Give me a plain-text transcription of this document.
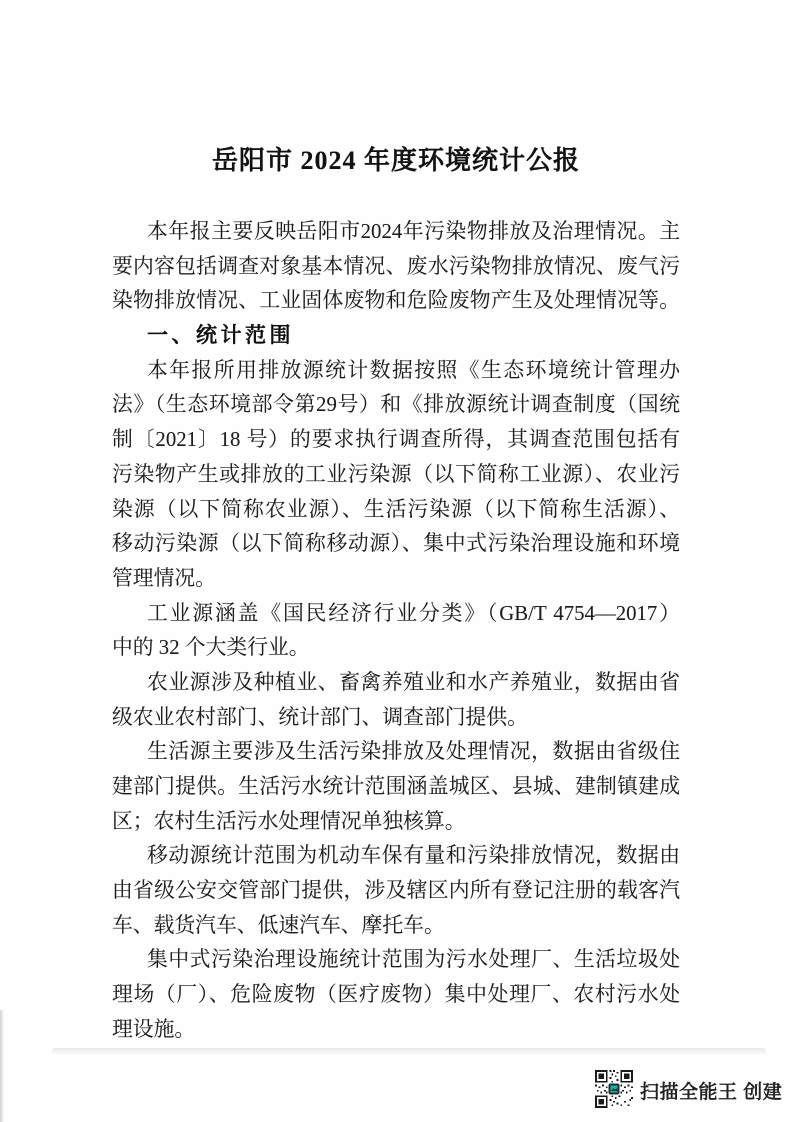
岳阳市 2024 年度环境统计公报
本年报主要反映岳阳市2024年污染物排放及治理情况。主
要内容包括调查对象基本情况、废水污染物排放情况、废气污
染物排放情况、工业固体废物和危险废物产生及处理情况等。
一、统计范围
本年报所用排放源统计数据按照《生态环境统计管理办
法》（生态环境部令第29号）和《排放源统计调查制度（国统
制〔2021〕18 号）的要求执行调查所得，其调查范围包括有
污染物产生或排放的工业污染源（以下简称工业源）、农业污
染源（以下简称农业源）、生活污染源（以下简称生活源）、
移动污染源（以下简称移动源）、集中式污染治理设施和环境
管理情况。
工业源涵盖《国民经济行业分类》（GB/T 4754—2017）
中的 32 个大类行业。
农业源涉及种植业、畜禽养殖业和水产养殖业，数据由省
级农业农村部门、统计部门、调查部门提供。
生活源主要涉及生活污染排放及处理情况，数据由省级住
建部门提供。生活污水统计范围涵盖城区、县城、建制镇建成
区；农村生活污水处理情况单独核算。
移动源统计范围为机动车保有量和污染排放情况，数据由
由省级公安交管部门提供，涉及辖区内所有登记注册的载客汽
车、载货汽车、低速汽车、摩托车。
集中式污染治理设施统计范围为污水处理厂、生活垃圾处
理场（厂）、危险废物（医疗废物）集中处理厂、农村污水处
理设施。
扫描全能王 创建
